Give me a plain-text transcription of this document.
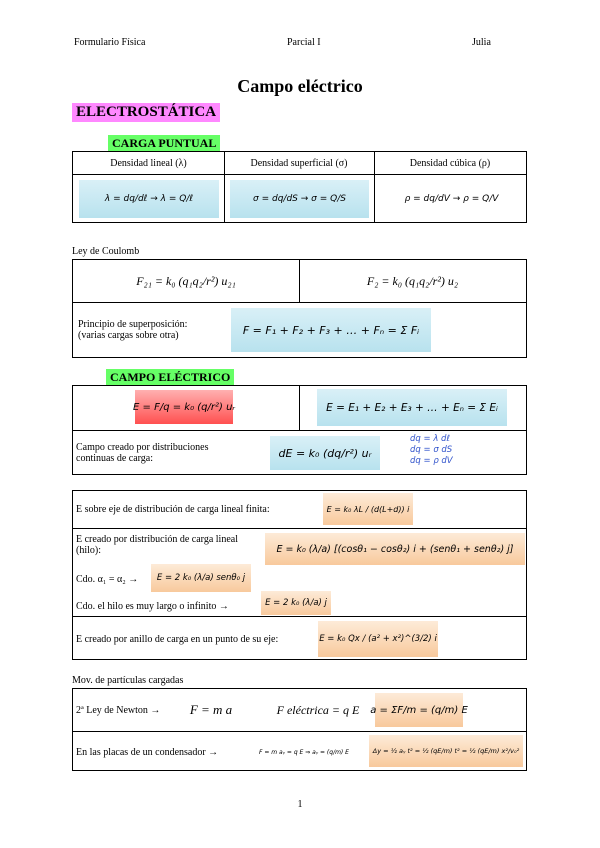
Formulario Física	Parcial I	Julia
Campo eléctrico
ELECTROSTÁTICA
CARGA PUNTUAL
Densidad lineal (λ)	Densidad superficial (σ)	Densidad cúbica (ρ)
λ = dq/dℓ → λ = Q/ℓ	σ = dq/dS → σ = Q/S	ρ = dq/dV → ρ = Q/V
Ley de Coulomb
F₂₁ = k₀ (q₁q₂/r²) u₂₁	F₂ = k₀ (q₁q₂/r²) u₂
Principio de superposición:
(varias cargas sobre otra)	F = F₁ + F₂ + F₃ + … + Fₙ = Σ Fᵢ
CAMPO ELÉCTRICO
E = F/q = k₀ (q/r²) uᵣ	E = E₁ + E₂ + E₃ + … + Eₙ = Σ Eᵢ
Campo creado por distribuciones
continuas de carga:	dE = k₀ (dq/r²) uᵣ
dq = λ dℓ
dq = σ dS
dq = ρ dV
E sobre eje de distribución de carga lineal finita:	E = k₀ λL / (d(L+d)) i
E creado por distribución de carga lineal
(hilo):	E = k₀ (λ/a) [(cosθ₁ − cosθ₂) i + (senθ₁ + senθ₂) j]
Cdo. α₁ = α₂ →	E = 2 k₀ (λ/a) senθ₀ j
Cdo. el hilo es muy largo o infinito →	E = 2 k₀ (λ/a) j
E creado por anillo de carga en un punto de su eje:	E = k₀ Qx / (a² + x²)^(3/2) i
Mov. de partículas cargadas
2ª Ley de Newton →	F = m a	F eléctrica = q E	a = ΣF/m = (q/m) E
En las placas de un condensador →	F = m aᵧ = q E ⇒ aᵧ = (q/m) E	Δy = ½ aᵧ t² = ½ (qE/m) t² = ½ (qE/m) x²/v₀²
1
